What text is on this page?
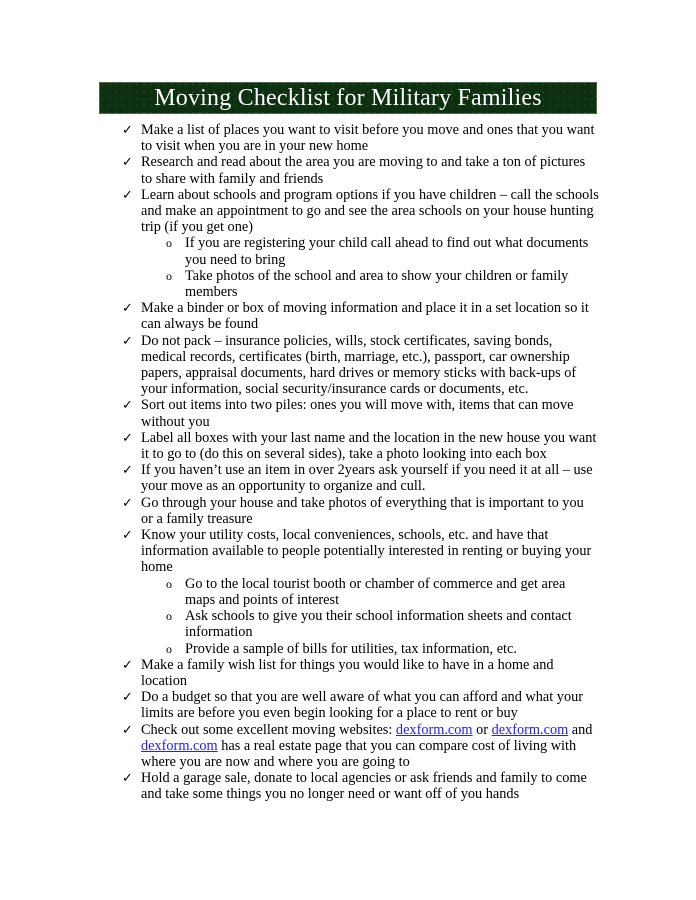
Moving Checklist for Military Families
✓ Make a list of places you want to visit before you move and ones that you want to visit when you are in your new home
✓ Research and read about the area you are moving to and take a ton of pictures to share with family and friends
✓ Learn about schools and program options if you have children – call the schools and make an appointment to go and see the area schools on your house hunting trip (if you get one)
o If you are registering your child call ahead to find out what documents you need to bring
o Take photos of the school and area to show your children or family members
✓ Make a binder or box of moving information and place it in a set location so it can always be found
✓ Do not pack – insurance policies, wills, stock certificates, saving bonds, medical records, certificates (birth, marriage, etc.), passport, car ownership papers, appraisal documents, hard drives or memory sticks with back-ups of your information, social security/insurance cards or documents, etc.
✓ Sort out items into two piles: ones you will move with, items that can move without you
✓ Label all boxes with your last name and the location in the new house you want it to go to (do this on several sides), take a photo looking into each box
✓ If you haven’t use an item in over 2years ask yourself if you need it at all – use your move as an opportunity to organize and cull.
✓ Go through your house and take photos of everything that is important to you or a family treasure
✓ Know your utility costs, local conveniences, schools, etc. and have that information available to people potentially interested in renting or buying your home
o Go to the local tourist booth or chamber of commerce and get area maps and points of interest
o Ask schools to give you their school information sheets and contact information
o Provide a sample of bills for utilities, tax information, etc.
✓ Make a family wish list for things you would like to have in a home and location
✓ Do a budget so that you are well aware of what you can afford and what your limits are before you even begin looking for a place to rent or buy
✓ Check out some excellent moving websites: dexform.com or dexform.com and dexform.com has a real estate page that you can compare cost of living with where you are now and where you are going to
✓ Hold a garage sale, donate to local agencies or ask friends and family to come and take some things you no longer need or want off of you hands
